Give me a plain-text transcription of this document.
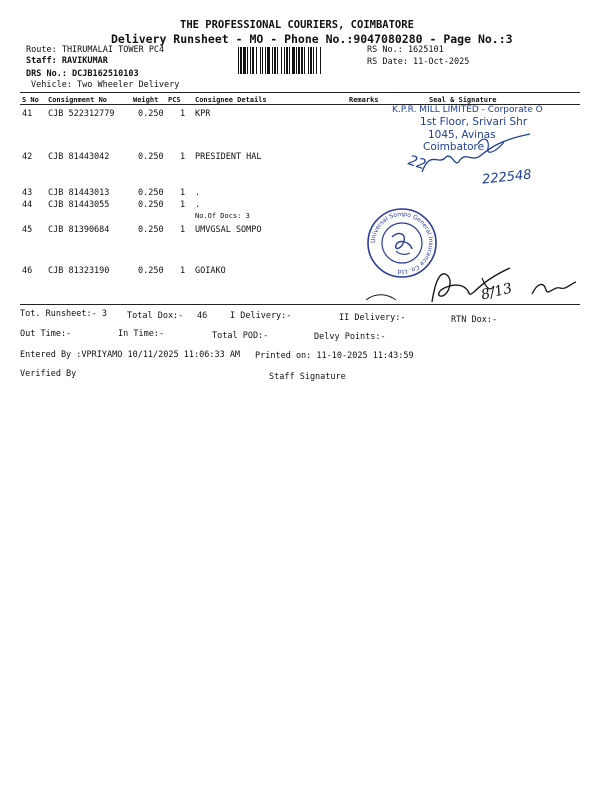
THE PROFESSIONAL COURIERS, COIMBATORE
Delivery Runsheet - MO - Phone No.:9047080280 - Page No.:3
Route: THIRUMALAI TOWER PC4
Staff: RAVIKUMAR
DRS No.: DCJB162510103
Vehicle: Two Wheeler Delivery
RS No.: 1625101
RS Date: 11-Oct-2025
S No Consignment No	Weight PCS Consignee Details	Remarks	Seal & Signature
41 CJB 522312779	0.250 1 KPR
42 CJB 81443042	0.250 1 PRESIDENT HAL
43 CJB 81443013	0.250 1 .
44 CJB 81443055	0.250 1 .
No.Of Docs: 3
45 CJB 81390684	0.250 1 UMVGSAL SOMPO
46 CJB 81323190	0.250 1 GOIAKO
K.P.R. MILL LIMITED - Corporate O
1st Floor, Srivari Shr
1045, Avinas
Coimbatore
22
222548
Universal Sompo General Insurance Co. Ltd
8/13
Tot. Runsheet:- 3 Total Dox:- 46	I Delivery:-	II Delivery:-	RTN Dox:-
Out Time:-	In Time:-	Total POD:-	Delvy Points:-
Entered By :VPRIYAMO 10/11/2025 11:06:33 AM Printed on: 11-10-2025 11:43:59
Verified By	Staff Signature
